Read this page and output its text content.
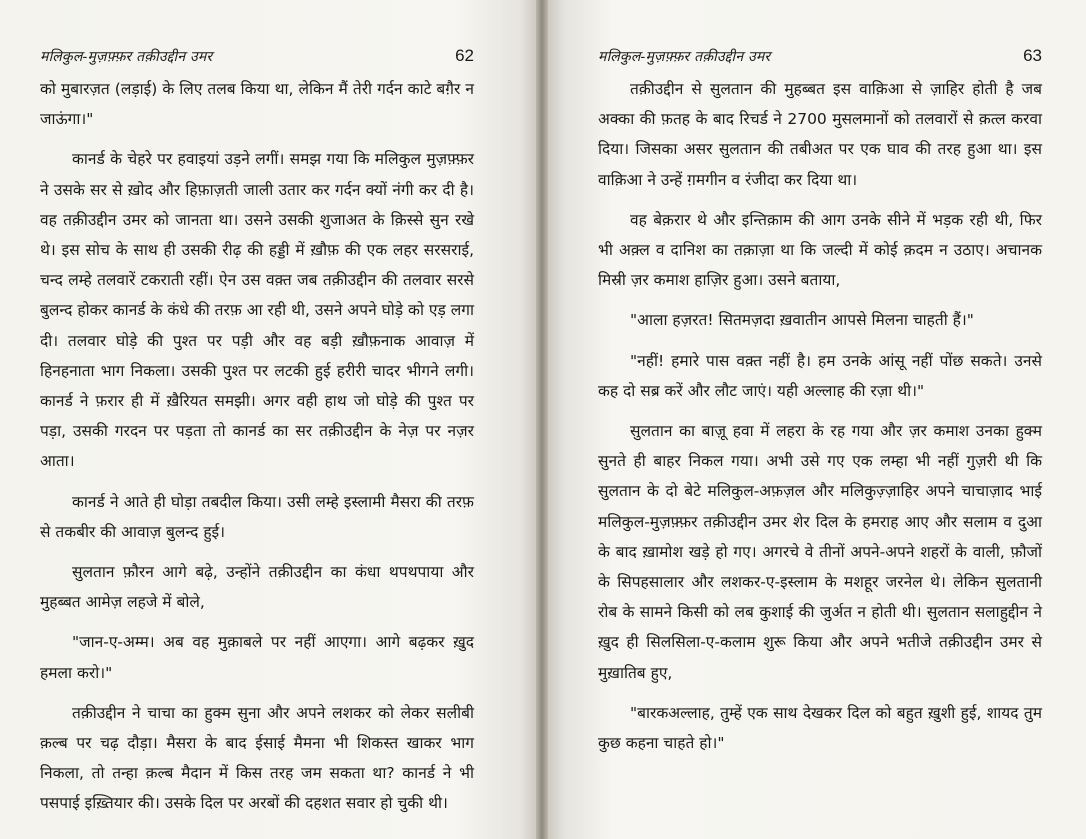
मलिकुल-मुज़फ़्फ़र तक़ीउद्दीन उमर	62

को मुबारज़त (लड़ाई) के लिए तलब किया था, लेकिन मैं तेरी गर्दन काटे बग़ैर न जाऊंगा।"

कानर्ड के चेहरे पर हवाइयां उड़ने लगीं। समझ गया कि मलिकुल मुज़फ़्फ़र ने उसके सर से ख़ोद और हिफ़ाज़ती जाली उतार कर गर्दन क्यों नंगी कर दी है। वह तक़ीउद्दीन उमर को जानता था। उसने उसकी शुजाअत के क़िस्से सुन रखे थे। इस सोच के साथ ही उसकी रीढ़ की हड्डी में ख़ौफ़ की एक लहर सरसराई, चन्द लम्हे तलवारें टकराती रहीं। ऐन उस वक़्त जब तक़ीउद्दीन की तलवार सरसे बुलन्द होकर कानर्ड के कंधे की तरफ़ आ रही थी, उसने अपने घोड़े को एड़ लगा दी। तलवार घोड़े की पुश्त पर पड़ी और वह बड़ी ख़ौफ़नाक आवाज़ में हिनहनाता भाग निकला। उसकी पुश्त पर लटकी हुई हरीरी चादर भीगने लगी। कानर्ड ने फ़रार ही में ख़ैरियत समझी। अगर वही हाथ जो घोड़े की पुश्त पर पड़ा, उसकी गरदन पर पड़ता तो कानर्ड का सर तक़ीउद्दीन के नेज़ पर नज़र आता।

कानर्ड ने आते ही घोड़ा तबदील किया। उसी लम्हे इस्लामी मैसरा की तरफ़ से तकबीर की आवाज़ बुलन्द हुई।

सुलतान फ़ौरन आगे बढ़े, उन्होंने तक़ीउद्दीन का कंधा थपथपाया और मुहब्बत आमेज़ लहजे में बोले,

"जान-ए-अम्म। अब वह मुक़ाबले पर नहीं आएगा। आगे बढ़कर ख़ुद हमला करो।"

तक़ीउद्दीन ने चाचा का हुक्म सुना और अपने लशकर को लेकर सलीबी क़ल्ब पर चढ़ दौड़ा। मैसरा के बाद ईसाई मैमना भी शिकस्त खाकर भाग निकला, तो तन्हा क़ल्ब मैदान में किस तरह जम सकता था? कानर्ड ने भी पसपाई इख़्तियार की। उसके दिल पर अरबों की दहशत सवार हो चुकी थी।

मलिकुल-मुज़फ़्फ़र तक़ीउद्दीन उमर	63

तक़ीउद्दीन से सुलतान की मुहब्बत इस वाक़िआ से ज़ाहिर होती है जब अक्का की फ़तह के बाद रिचर्ड ने 2700 मुसलमानों को तलवारों से क़त्ल करवा दिया। जिसका असर सुलतान की तबीअत पर एक घाव की तरह हुआ था। इस वाक़िआ ने उन्हें ग़मगीन व रंजीदा कर दिया था।

वह बेक़रार थे और इन्तिक़ाम की आग उनके सीने में भड़क रही थी, फिर भी अक़्ल व दानिश का तक़ाज़ा था कि जल्दी में कोई क़दम न उठाए। अचानक मिस्री ज़र कमाश हाज़िर हुआ। उसने बताया,

"आला हज़रत! सितमज़दा ख़वातीन आपसे मिलना चाहती हैं।"

"नहीं! हमारे पास वक़्त नहीं है। हम उनके आंसू नहीं पोंछ सकते। उनसे कह दो सब्र करें और लौट जाएं। यही अल्लाह की रज़ा थी।"

सुलतान का बाज़ू हवा में लहरा के रह गया और ज़र कमाश उनका हुक्म सुनते ही बाहर निकल गया। अभी उसे गए एक लम्हा भी नहीं गुज़री थी कि सुलतान के दो बेटे मलिकुल-अफ़ज़ल और मलिकुज़्ज़ाहिर अपने चाचाज़ाद भाई मलिकुल-मुज़फ़्फ़र तक़ीउद्दीन उमर शेर दिल के हमराह आए और सलाम व दुआ के बाद ख़ामोश खड़े हो गए। अगरचे वे तीनों अपने-अपने शहरों के वाली, फ़ौजों के सिपहसालार और लशकर-ए-इस्लाम के मशहूर जरनेल थे। लेकिन सुलतानी रोब के सामने किसी को लब कुशाई की जुर्अत न होती थी। सुलतान सलाहुद्दीन ने ख़ुद ही सिलसिला-ए-कलाम शुरू किया और अपने भतीजे तक़ीउद्दीन उमर से मुख़ातिब हुए,

"बारकअल्लाह, तुम्हें एक साथ देखकर दिल को बहुत ख़ुशी हुई, शायद तुम कुछ कहना चाहते हो।"
